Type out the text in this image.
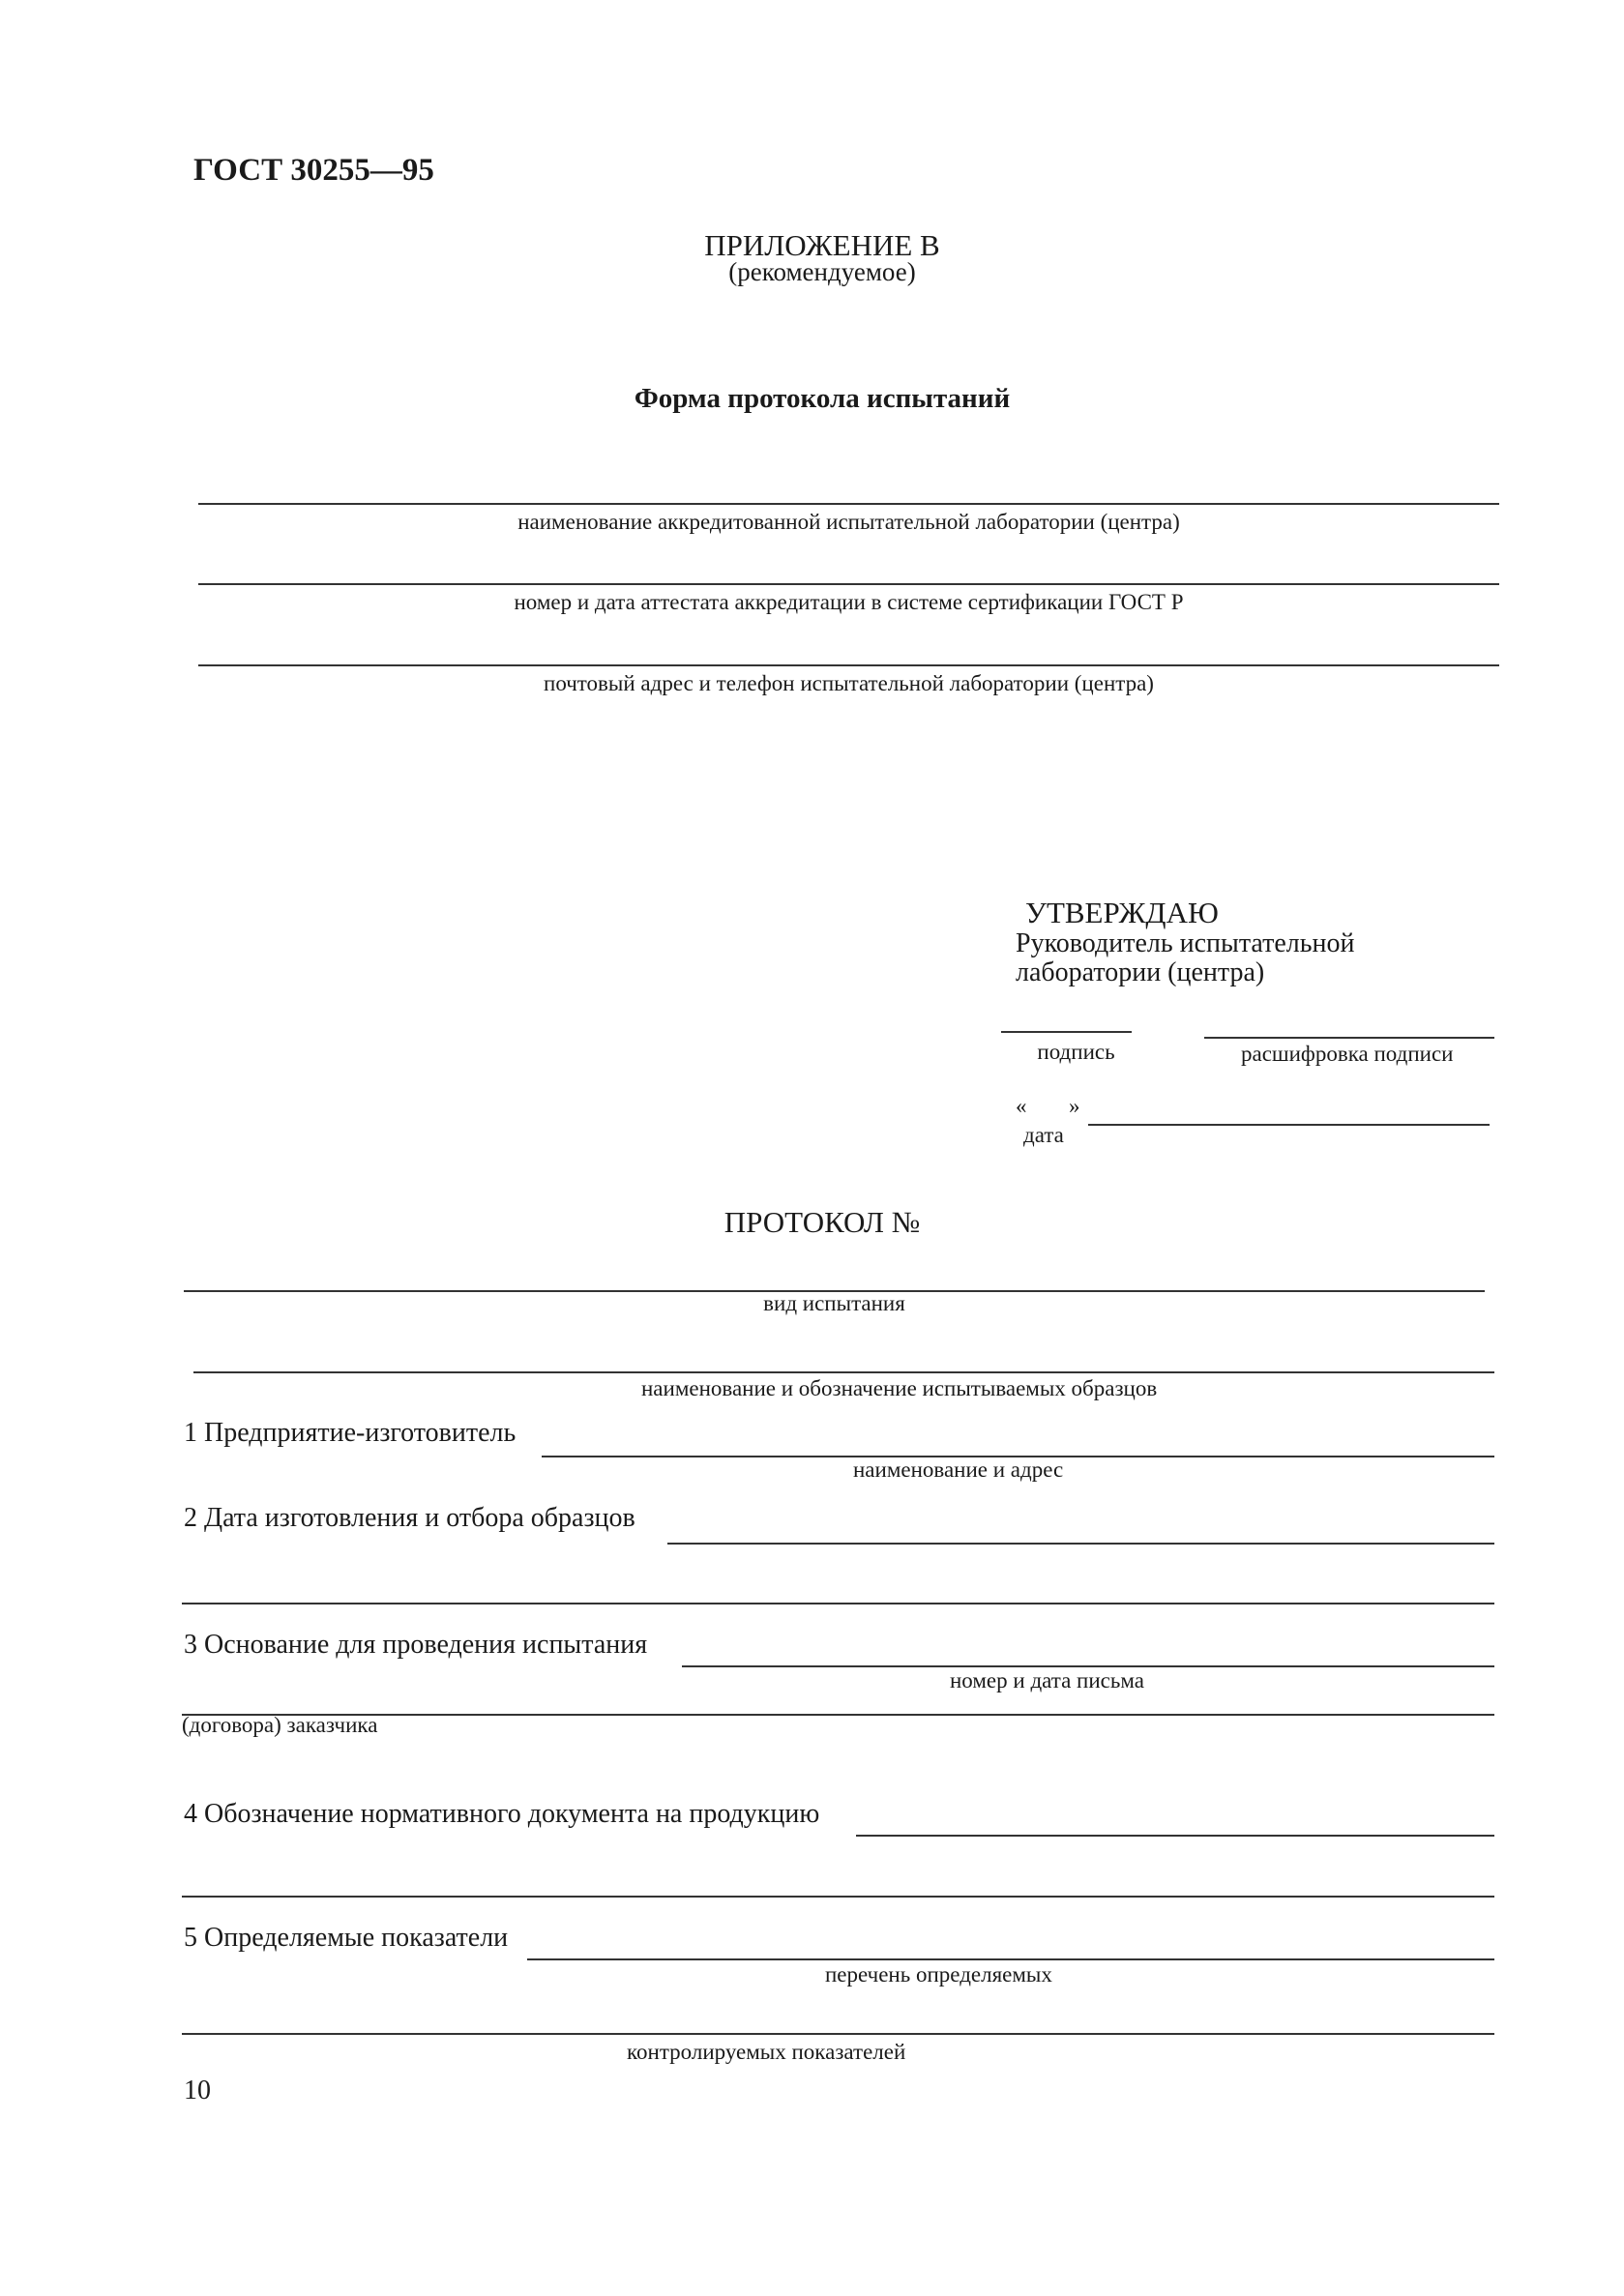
ГОСТ 30255—95
ПРИЛОЖЕНИЕ В
(рекомендуемое)
Форма протокола испытаний
наименование аккредитованной испытательной лаборатории (центра)
номер и дата аттестата аккредитации в системе сертификации ГОСТ Р
почтовый адрес и телефон испытательной лаборатории (центра)
УТВЕРЖДАЮ
Руководитель испытательной
лаборатории (центра)
подпись	расшифровка подписи
« »
дата
ПРОТОКОЛ №
вид испытания
наименование и обозначение испытываемых образцов
1 Предприятие-изготовитель
наименование и адрес
2 Дата изготовления и отбора образцов
3 Основание для проведения испытания
номер и дата письма
(договора) заказчика
4 Обозначение нормативного документа на продукцию
5 Определяемые показатели
перечень определяемых
контролируемых показателей
10
